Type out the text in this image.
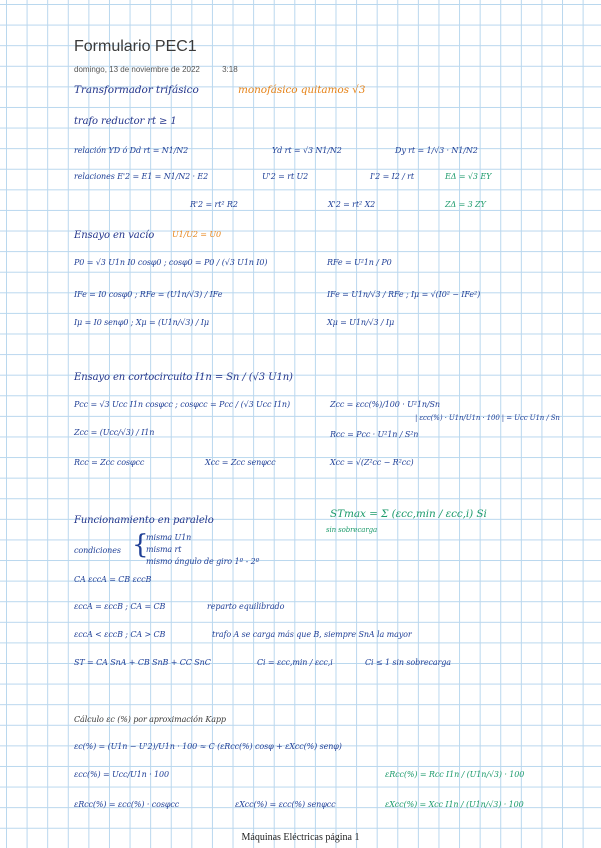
Formulario PEC1
domingo, 13 de noviembre de 2022	3:18
Transformador trifásico	monofásico quitamos √3
trafo reductor rt ≥ 1
relación YD ó Dd rt = N1/N2	Yd rt = √3 N1/N2	Dy rt = 1/√3 · N1/N2
relaciones E'2 = E1 = N1/N2 · E2	U'2 = rt U2	I'2 = I2 / rt	EΔ = √3 EY
R'2 = rt² R2	X'2 = rt² X2	ZΔ = 3 ZY
Ensayo en vacío U1/U2 = U0
P0 = √3 U1n I0 cosφ0 ; cosφ0 = P0 / (√3 U1n I0)	RFe = U²1n / P0
IFe = I0 cosφ0 ; RFe = (U1n/√3) / IFe	IFe = U1n/√3 / RFe ; Iμ = √(I0² − IFe²)
Iμ = I0 senφ0 ; Xμ = (U1n/√3) / Iμ	Xμ = U1n/√3 / Iμ
Ensayo en cortocircuito I1n = Sn / (√3 U1n)
Pcc = √3 Ucc I1n cosφcc ; cosφcc = Pcc / (√3 Ucc I1n)	Zcc = εcc(%)/100 · U²1n/Sn
| εcc(%) · U1n/U1n · 100 | = Ucc U1n / Sn
Zcc = (Ucc/√3) / I1n	Rcc = Pcc · U²1n / S²n
Rcc = Zcc cosφcc	Xcc = Zcc senφcc	Xcc = √(Z²cc − R²cc)
Funcionamiento en paralelo
STmax = Σ (εcc,min / εcc,i) Si
sin sobrecarga
condiciones {
misma U1n
misma rt
mismo ángulo de giro 1º - 2º
CA εccA = CB εccB
εccA = εccB ; CA = CB	reparto equilibrado
εccA < εccB ; CA > CB	trafo A se carga más que B, siempre SnA la mayor
ST = CA SnA + CB SnB + CC SnC	Ci = εcc,min / εcc,i	Ci ≤ 1 sin sobrecarga
Cálculo εc (%) por aproximación Kapp
εc(%) = (U1n − U'2)/U1n · 100 ≈ C (εRcc(%) cosφ + εXcc(%) senφ)
εcc(%) = Ucc/U1n · 100	εRcc(%) = Rcc I1n / (U1n/√3) · 100
εRcc(%) = εcc(%) · cosφcc	εXcc(%) = εcc(%) senφcc	εXcc(%) = Xcc I1n / (U1n/√3) · 100
Máquinas Eléctricas página 1
